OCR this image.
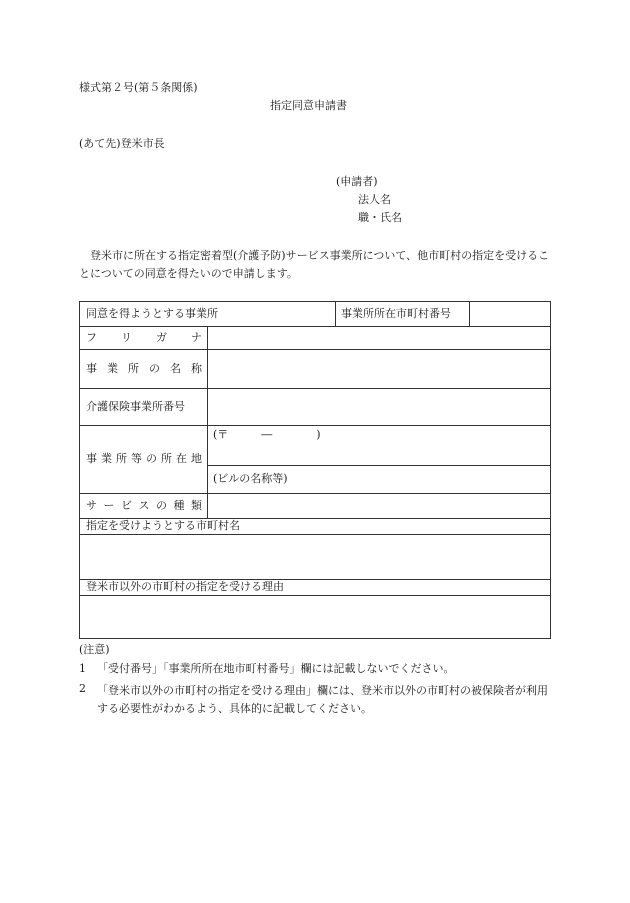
様式第２号(第５条関係)
指定同意申請書
(あて先)登米市長
(申請者)
法人名
職・氏名
登米市に所在する指定密着型(介護予防)サービス事業所について、他市町村の指定を受けることについての同意を得たいので申請します。
同意を得ようとする事業所	事業所所在市町村番号
フ リ ガ ナ
事 業 所 の 名 称
介護保険事業所番号
事 業 所 等 の 所 在 地
(〒　　　―　　　　)
(ビルの名称等)
サ ー ビ ス の 種 類
指定を受けようとする市町村名
登米市以外の市町村の指定を受ける理由
(注意)
1 「受付番号」「事業所所在地市町村番号」欄には記載しないでください。
2 「登米市以外の市町村の指定を受ける理由」欄には、登米市以外の市町村の被保険者が利用する必要性がわかるよう、具体的に記載してください。
